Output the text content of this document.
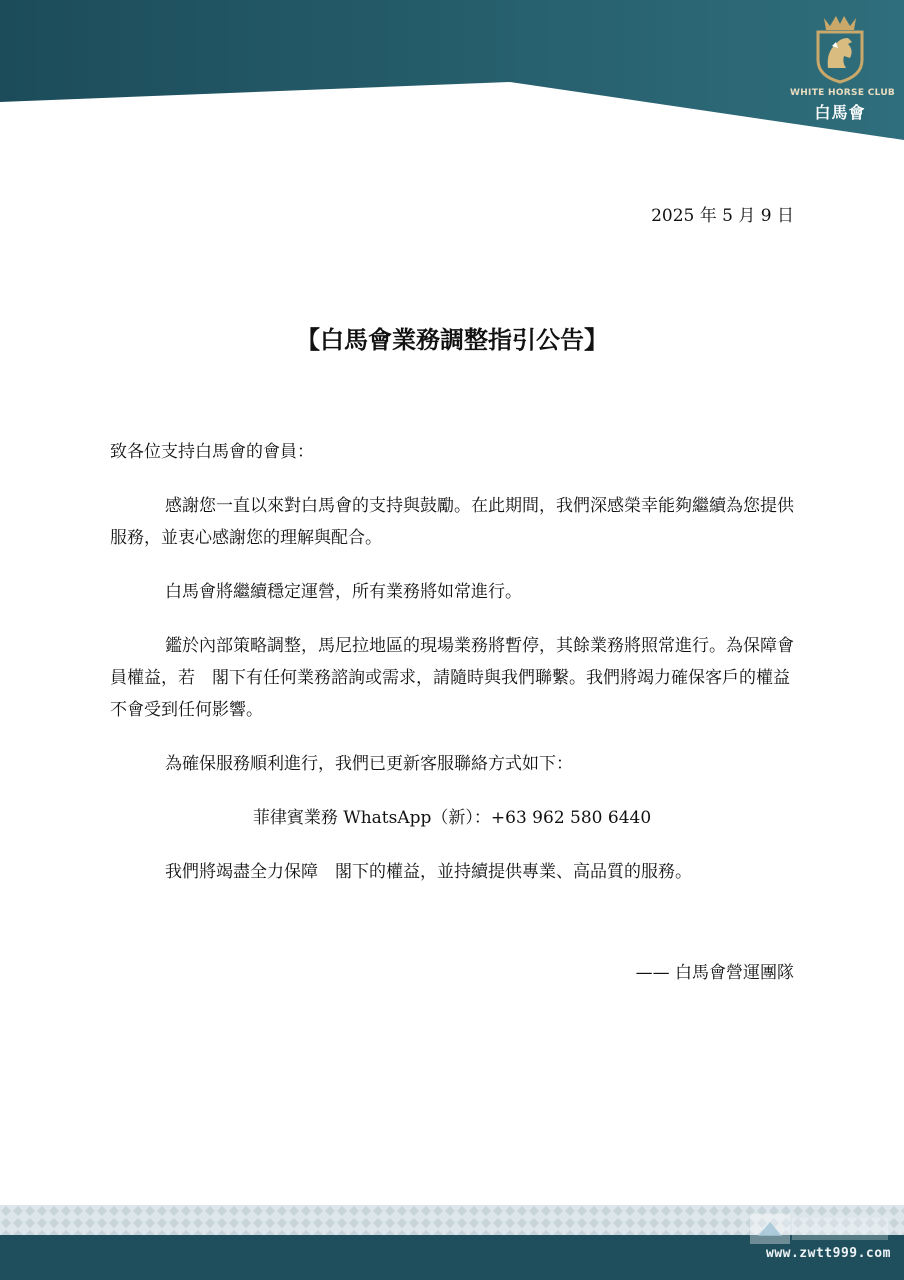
WHITE HORSE CLUB
白馬會
2025 年 5 月 9 日
【白馬會業務調整指引公告】

致各位支持白馬會的會員：

感謝您一直以來對白馬會的支持與鼓勵。在此期間，我們深感榮幸能夠繼續為您提供服務，並衷心感謝您的理解與配合。

白馬會將繼續穩定運營，所有業務將如常進行。

鑑於內部策略調整，馬尼拉地區的現場業務將暫停，其餘業務將照常進行。為保障會員權益，若　閣下有任何業務諮詢或需求，請隨時與我們聯繫。我們將竭力確保客戶的權益不會受到任何影響。

為確保服務順利進行，我們已更新客服聯絡方式如下：

菲律賓業務 WhatsApp（新）：+63 962 580 6440

我們將竭盡全力保障　閣下的權益，並持續提供專業、高品質的服務。

—— 白馬會營運團隊
www.zwtt999.com
